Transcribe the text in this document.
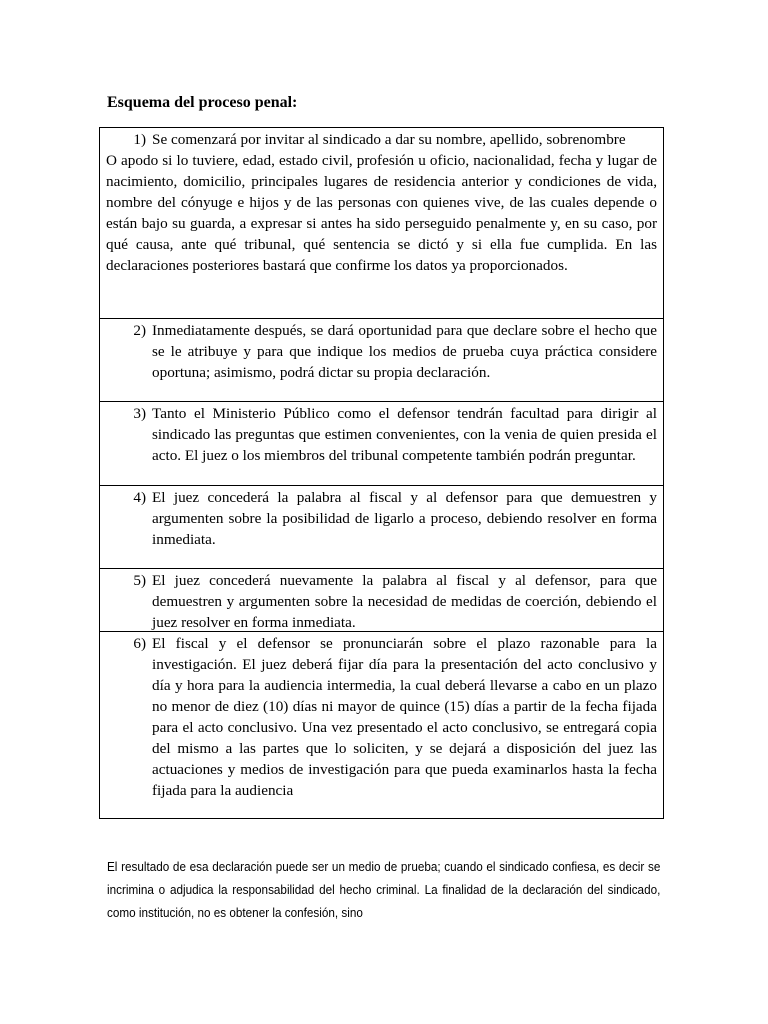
Esquema del proceso penal:
1) Se comenzará por invitar al sindicado a dar su nombre, apellido, sobrenombre
O apodo si lo tuviere, edad, estado civil, profesión u oficio, nacionalidad, fecha y lugar de nacimiento, domicilio, principales lugares de residencia anterior y condiciones de vida, nombre del cónyuge e hijos y de las personas con quienes vive, de las cuales depende o están bajo su guarda, a expresar si antes ha sido perseguido penalmente y, en su caso, por qué causa, ante qué tribunal, qué sentencia se dictó y si ella fue cumplida. En las declaraciones posteriores bastará que confirme los datos ya proporcionados.
2) Inmediatamente después, se dará oportunidad para que declare sobre el hecho que se le atribuye y para que indique los medios de prueba cuya práctica considere oportuna; asimismo, podrá dictar su propia declaración.
3) Tanto el Ministerio Público como el defensor tendrán facultad para dirigir al sindicado las preguntas que estimen convenientes, con la venia de quien presida el acto. El juez o los miembros del tribunal competente también podrán preguntar.
4) El juez concederá la palabra al fiscal y al defensor para que demuestren y argumenten sobre la posibilidad de ligarlo a proceso, debiendo resolver en forma inmediata.
5) El juez concederá nuevamente la palabra al fiscal y al defensor, para que demuestren y argumenten sobre la necesidad de medidas de coerción, debiendo el juez resolver en forma inmediata.
6) El fiscal y el defensor se pronunciarán sobre el plazo razonable para la investigación. El juez deberá fijar día para la presentación del acto conclusivo y día y hora para la audiencia intermedia, la cual deberá llevarse a cabo en un plazo no menor de diez (10) días ni mayor de quince (15) días a partir de la fecha fijada para el acto conclusivo. Una vez presentado el acto conclusivo, se entregará copia del mismo a las partes que lo soliciten, y se dejará a disposición del juez las actuaciones y medios de investigación para que pueda examinarlos hasta la fecha fijada para la audiencia
El resultado de esa declaración puede ser un medio de prueba; cuando el sindicado confiesa, es decir se incrimina o adjudica la responsabilidad del hecho criminal. La finalidad de la declaración del sindicado, como institución, no es obtener la confesión, sino
